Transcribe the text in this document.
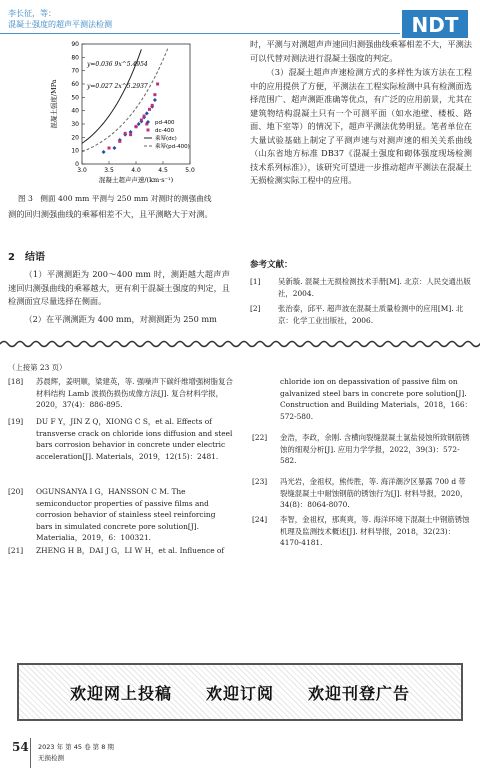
李长征，等：
混凝土强度的超声平测法检测	NDT
0
10
20
30
40
50
60
70
80
90
3.0	3.5	4.0	4.5	5.0
混凝土超声声速/(km·s⁻¹)
混凝土强度/MPa
y=0.036 9x^5.4954
y=0.027 2x^5.2937
pd-400
dc-400
乘幂(dc)
乘幂(pd-400)
图 3　侧面 400 mm 平测与 250 mm 对测时的测强曲线
测的回归测强曲线的乘幂相差不大，且平测略大于对测。
2　结语
（1）平测测距为 200～400 mm 时，测距越大超声声速回归测强曲线的乘幂越大，更有利于混凝土强度的判定，且检测面宜尽量选择在侧面。
（2）在平测测距为 400 mm，对测测距为 250 mm
时，平测与对测超声声速回归测强曲线乘幂相差不大，平测法可以代替对测法进行混凝土强度的判定。
（3）混凝土超声声速检测方式的多样性为该方法在工程中的应用提供了方便，平测法在工程实际检测中具有检测面选择范围广、超声测距准确等优点，有广泛的应用前景，尤其在建筑物结构混凝土只有一个可测平面（如水池壁、楼板、路面、地下室等）的情况下，超声平测法优势明显。笔者单位在大量试验基础上制定了平测声速与对测声速的相关关系曲线（山东省地方标准 DB37《混凝土强度和砌体强度现场检测技术系列标准》），该研究可望进一步推动超声平测法在混凝土无损检测实际工程中的应用。
参考文献：
[1] 吴新璇. 混凝土无损检测技术手册[M]. 北京：人民交通出版社，2004.
[2] 张治泰，邱平. 超声波在混凝土质量检测中的应用[M]. 北京：化学工业出版社，2006.
（上接第 23 页）
[18] 苏晨辉，姜明顺，梁建英，等. 强噪声下碳纤维增强树脂复合材料结构 Lamb 波损伤损伤成像方法[J]. 复合材料学报，2020，37(4)：886-895.
[19] DU F Y，JIN Z Q，XIONG C S，et al. Effects of transverse crack on chloride ions diffusion and steel bars corrosion behavior in concrete under electric acceleration[J]. Materials，2019，12(15)：2481.
[20] OGUNSANYA I G，HANSSON C M. The semiconductor properties of passive films and corrosion behavior of stainless steel reinforcing bars in simulated concrete pore solution[J]. Materialia，2019，6：100321.
[21] ZHENG H B，DAI J G，LI W H，et al. Influence of
chloride ion on depassivation of passive film on galvanized steel bars in concrete pore solution[J]. Construction and Building Materials，2018，166：572-580.
[22] 金浩，李政，余刚. 含横向裂缝混凝土氯盐侵蚀所致钢筋锈蚀的细观分析[J]. 应用力学学报，2022，39(3)：572-582.
[23] 冯光岩，金祖权，熊传胜，等. 海洋潮汐区暴露 700 d 带裂缝混凝土中耐蚀钢筋的锈蚀行为[J]. 材料导报，2020，34(8)：8064-8070.
[24] 李智，金祖权，那爽爽，等. 海洋环境下混凝土中钢筋锈蚀机理及监测技术概述[J]. 材料导报，2018，32(23)：4170-4181.
欢迎网上投稿　　欢迎订阅　　欢迎刊登广告
54 2023 年 第 45 卷 第 8 期
无损检测
